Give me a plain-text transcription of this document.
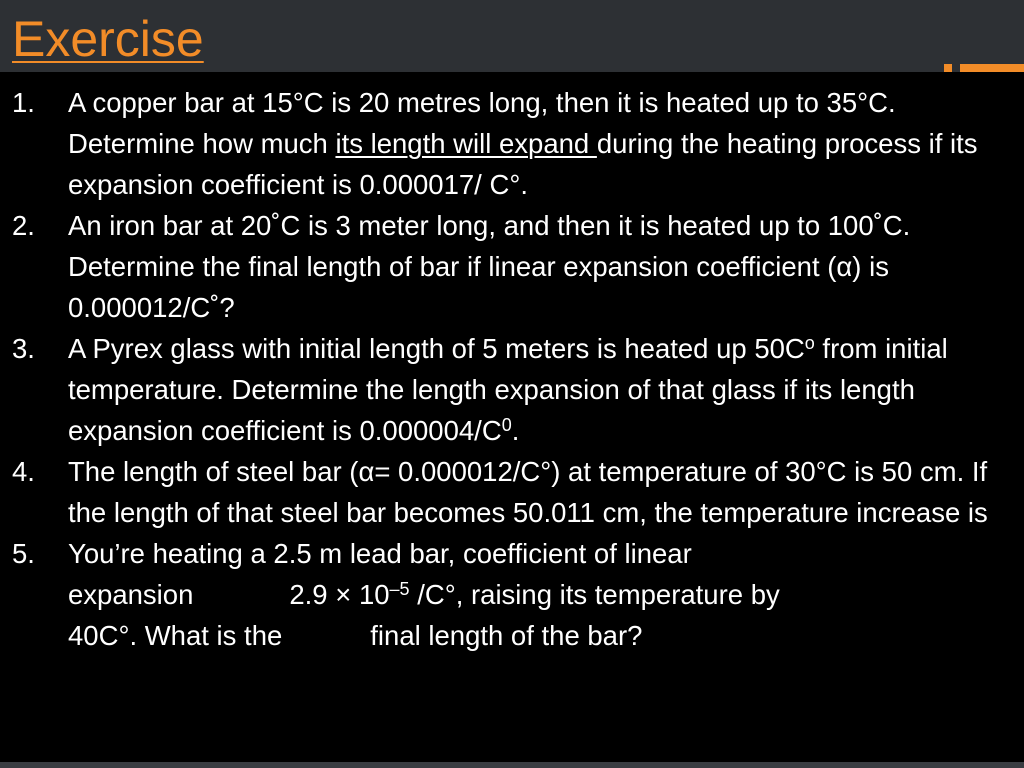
Exercise
1. A copper bar at 15°C is 20 metres long, then it is heated up to 35°C. Determine how much its length will expand during the heating process if its expansion coefficient is 0.000017/ C°.
2. An iron bar at 20˚C is 3 meter long, and then it is heated up to 100˚C. Determine the final length of bar if linear expansion coefficient (α) is 0.000012/C˚?
3. A Pyrex glass with initial length of 5 meters is heated up $50C^o$ from initial temperature. Determine the length expansion of that glass if its length expansion coefficient is $0.000004/C^0$.
4. The length of steel bar (α= 0.000012/C°) at temperature of 30°C is 50 cm. If the length of that steel bar becomes 50.011 cm, the temperature increase is
5. You’re heating a 2.5 m lead bar, coefficient of linear
expansion	$2.9 \times 10^{-5}$ /C°, raising its temperature by
40C°. What is the	final length of the bar?
